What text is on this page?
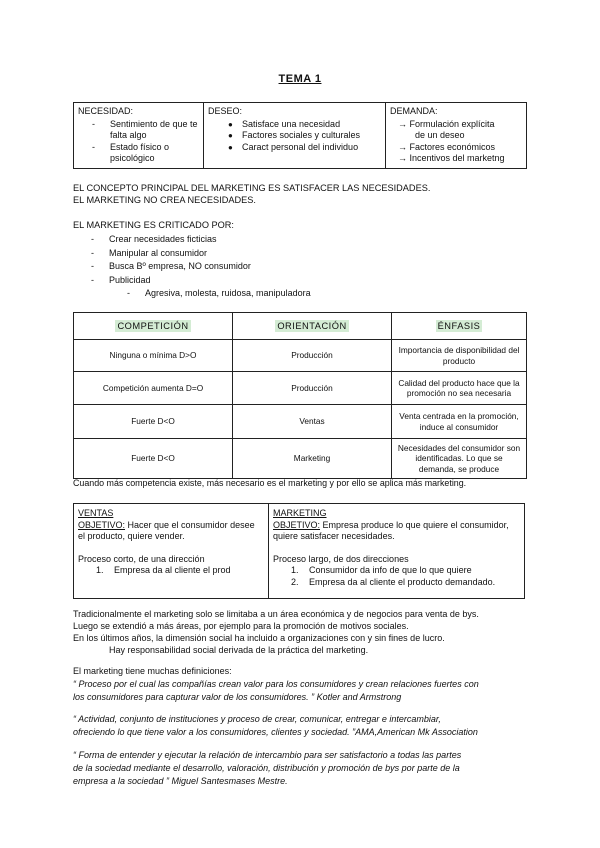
TEMA 1
NECESIDAD:
-	Sentimiento de que te falta algo
-	Estado físico o psicológico

DESEO:
●	Satisface una necesidad
●	Factores sociales y culturales
●	Caract personal del individuo

DEMANDA:
→ Formulación explícita
de un deseo
→ Factores económicos
→ Incentivos del marketng
EL CONCEPTO PRINCIPAL DEL MARKETING ES SATISFACER LAS NECESIDADES.
EL MARKETING NO CREA NECESIDADES.
EL MARKETING ES CRITICADO POR:
- Crear necesidades ficticias
- Manipular al consumidor
- Busca Bº empresa, NO consumidor
- Publicidad
- Agresiva, molesta, ruidosa, manipuladora
COMPETICIÓN	ORIENTACIÓN	ÉNFASIS
Ninguna o mínima D>O	Producción	Importancia de disponibilidad del producto
Competición aumenta D=O	Producción	Calidad del producto hace que la promoción no sea necesaria
Fuerte D<O	Ventas	Venta centrada en la promoción, induce al consumidor
Fuerte D<O	Marketing	Necesidades del consumidor son identificadas. Lo que se demanda, se produce
Cuando más competencia existe, más necesario es el marketing y por ello se aplica más marketing.
VENTAS
OBJETIVO: Hacer que el consumidor desee el producto, quiere vender.
Proceso corto, de una dirección
1.	Empresa da al cliente el prod

MARKETING
OBJETIVO: Empresa produce lo que quiere el consumidor, quiere satisfacer necesidades.
Proceso largo, de dos direcciones
1.	Consumidor da info de que lo que quiere
2.	Empresa da al cliente el producto demandado.
Tradicionalmente el marketing solo se limitaba a un área económica y de negocios para venta de bys.
Luego se extendió a más áreas, por ejemplo para la promoción de motivos sociales.
En los últimos años, la dimensión social ha incluido a organizaciones con y sin fines de lucro.
Hay responsabilidad social derivada de la práctica del marketing.
El marketing tiene muchas definiciones:
“ Proceso por el cual las compañías crean valor para los consumidores y crean relaciones fuertes con
los consumidores para capturar valor de los consumidores. ” Kotler and Armstrong
“ Actividad, conjunto de instituciones y proceso de crear, comunicar, entregar e intercambiar,
ofreciendo lo que tiene valor a los consumidores, clientes y sociedad. ”AMA,American Mk Association
“ Forma de entender y ejecutar la relación de intercambio para ser satisfactorio a todas las partes
de la sociedad mediante el desarrollo, valoración, distribución y promoción de bys por parte de la
empresa a la sociedad ” Miguel Santesmases Mestre.
